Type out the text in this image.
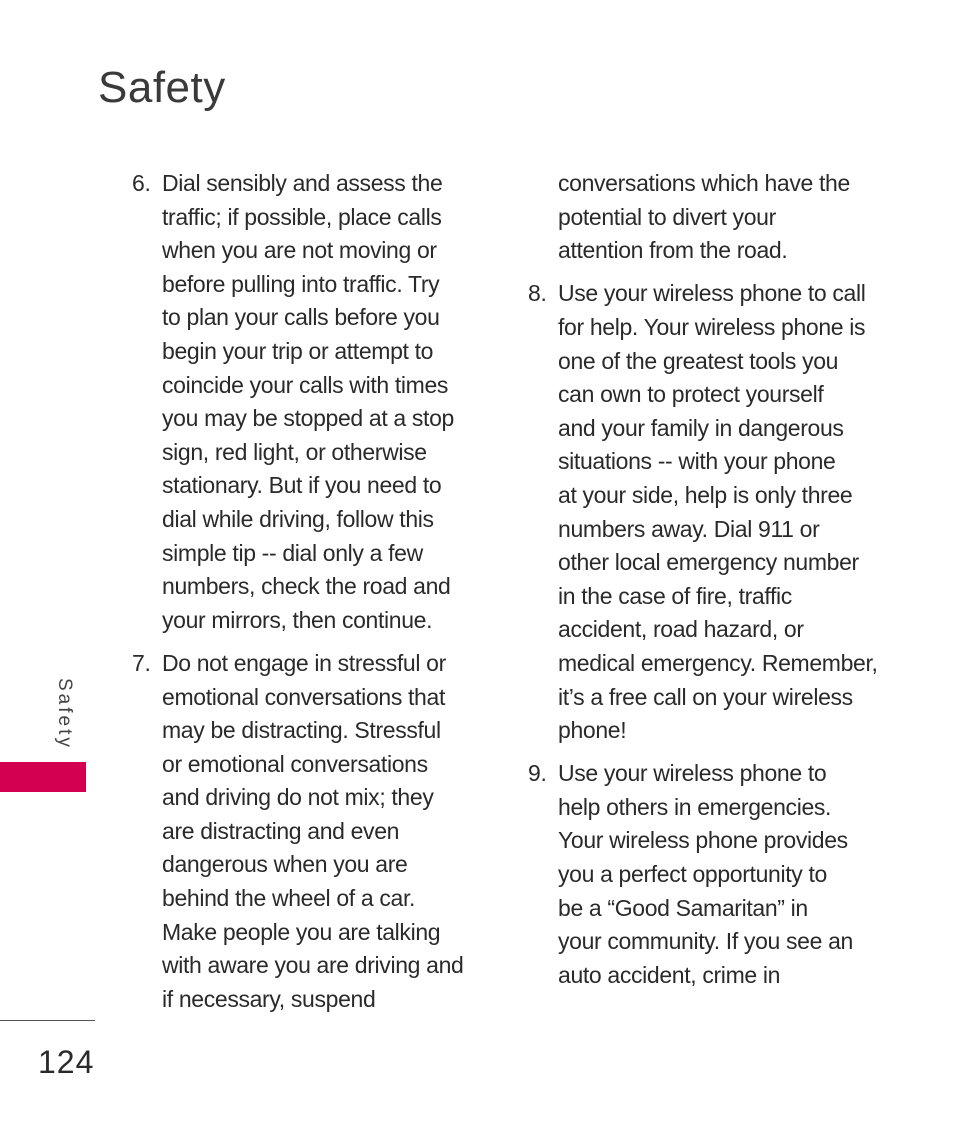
Safety
6. Dial sensibly and assess the
traffic; if possible, place calls
when you are not moving or
before pulling into traffic. Try
to plan your calls before you
begin your trip or attempt to
coincide your calls with times
you may be stopped at a stop
sign, red light, or otherwise
stationary. But if you need to
dial while driving, follow this
simple tip -- dial only a few
numbers, check the road and
your mirrors, then continue.
7. Do not engage in stressful or
emotional conversations that
may be distracting. Stressful
or emotional conversations
and driving do not mix; they
are distracting and even
dangerous when you are
behind the wheel of a car.
Make people you are talking
with aware you are driving and
if necessary, suspend
conversations which have the
potential to divert your
attention from the road.
8. Use your wireless phone to call
for help. Your wireless phone is
one of the greatest tools you
can own to protect yourself
and your family in dangerous
situations -- with your phone
at your side, help is only three
numbers away. Dial 911 or
other local emergency number
in the case of fire, traffic
accident, road hazard, or
medical emergency. Remember,
it’s a free call on your wireless
phone!
9. Use your wireless phone to
help others in emergencies.
Your wireless phone provides
you a perfect opportunity to
be a “Good Samaritan” in
your community. If you see an
auto accident, crime in
Safety
124
